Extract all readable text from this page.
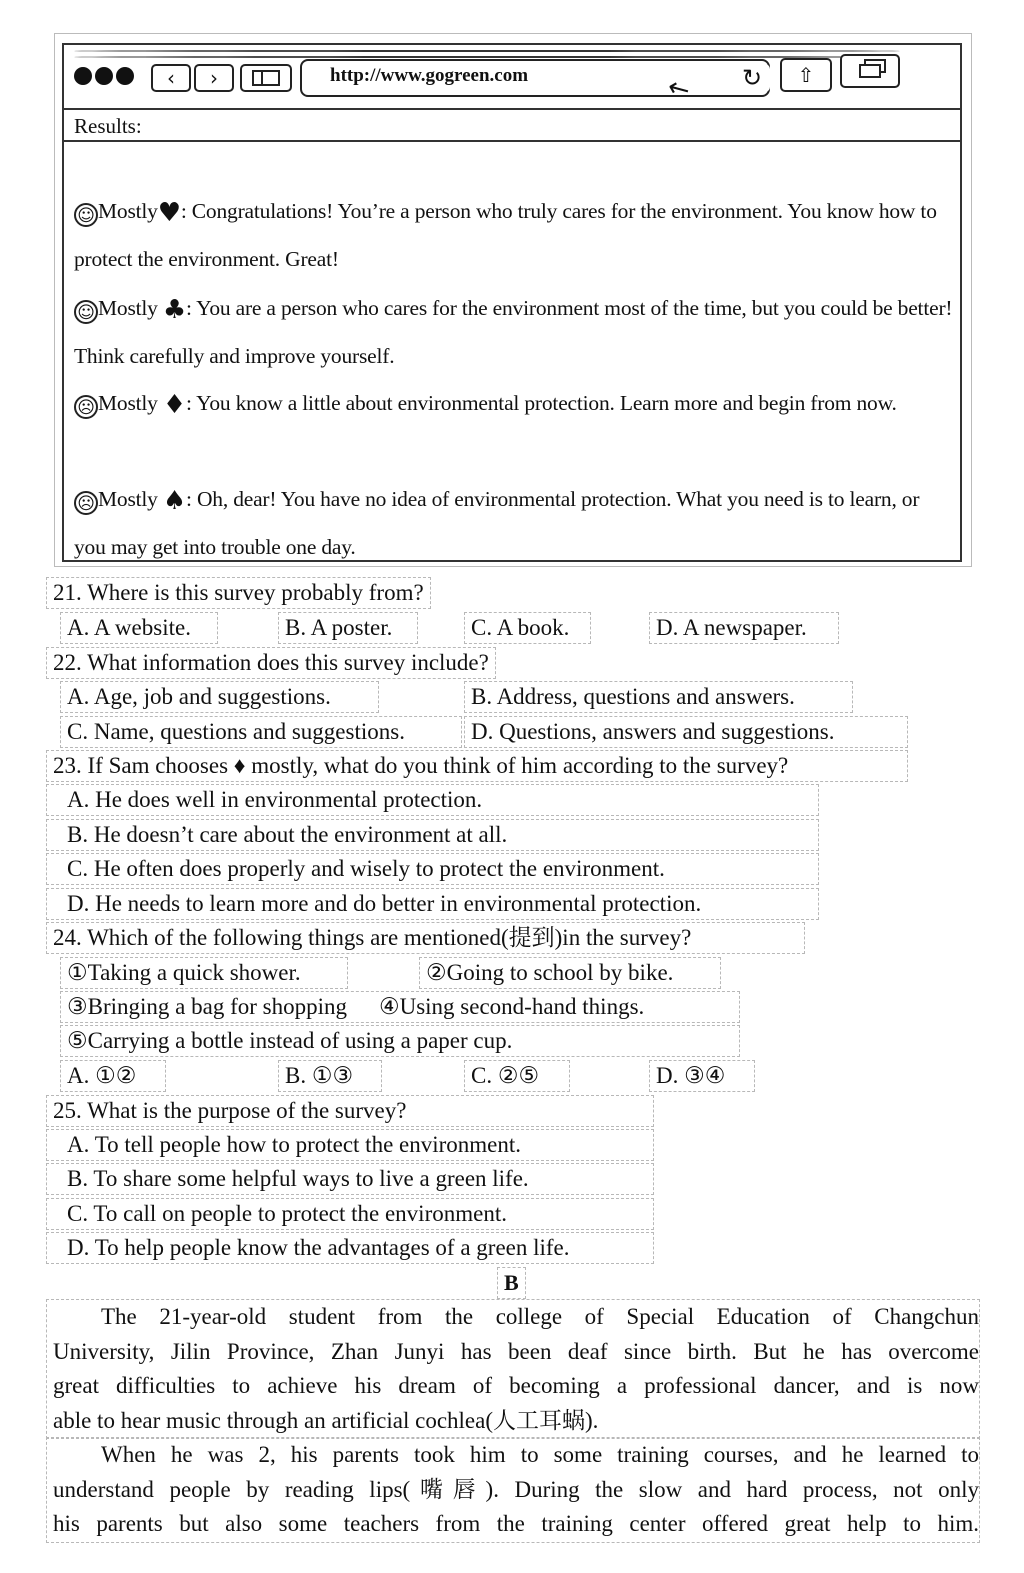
‹ ›	http://www.gogreen.com	↖ ↻ ⇧
Results:
☺ Mostly♥: Congratulations! You’re a person who truly cares for the environment. You know how to protect the environment. Great!
☺ Mostly ♣: You are a person who cares for the environment most of the time, but you could be better! Think carefully and improve yourself.
☹ Mostly ♦: You know a little about environmental protection. Learn more and begin from now.
☹ Mostly ♠: Oh, dear! You have no idea of environmental protection. What you need is to learn, or you may get into trouble one day.
21. Where is this survey probably from?
A. A website.	B. A poster.	C. A book.	D. A newspaper.
22. What information does this survey include?
A. Age, job and suggestions.	B. Address, questions and answers.
C. Name, questions and suggestions.	D. Questions, answers and suggestions.
23. If Sam chooses ♦ mostly, what do you think of him according to the survey?
A. He does well in environmental protection.
B. He doesn’t care about the environment at all.
C. He often does properly and wisely to protect the environment.
D. He needs to learn more and do better in environmental protection.
24. Which of the following things are mentioned(提到)in the survey?
①Taking a quick shower.	②Going to school by bike.
③Bringing a bag for shopping ④Using second-hand things.
⑤Carrying a bottle instead of using a paper cup.
A. ①②	B. ①③	C. ②⑤	D. ③④
25. What is the purpose of the survey?
A. To tell people how to protect the environment.
B. To share some helpful ways to live a green life.
C. To call on people to protect the environment.
D. To help people know the advantages of a green life.
B
The 21-year-old student from the college of Special Education of Changchun
University, Jilin Province, Zhan Junyi has been deaf since birth. But he has overcome
great difficulties to achieve his dream of becoming a professional dancer, and is now
able to hear music through an artificial cochlea(人工耳蜗).
When he was 2, his parents took him to some training courses, and he learned to
understand people by reading lips(嘴唇). During the slow and hard process, not only
his parents but also some teachers from the training center offered great help to him.
